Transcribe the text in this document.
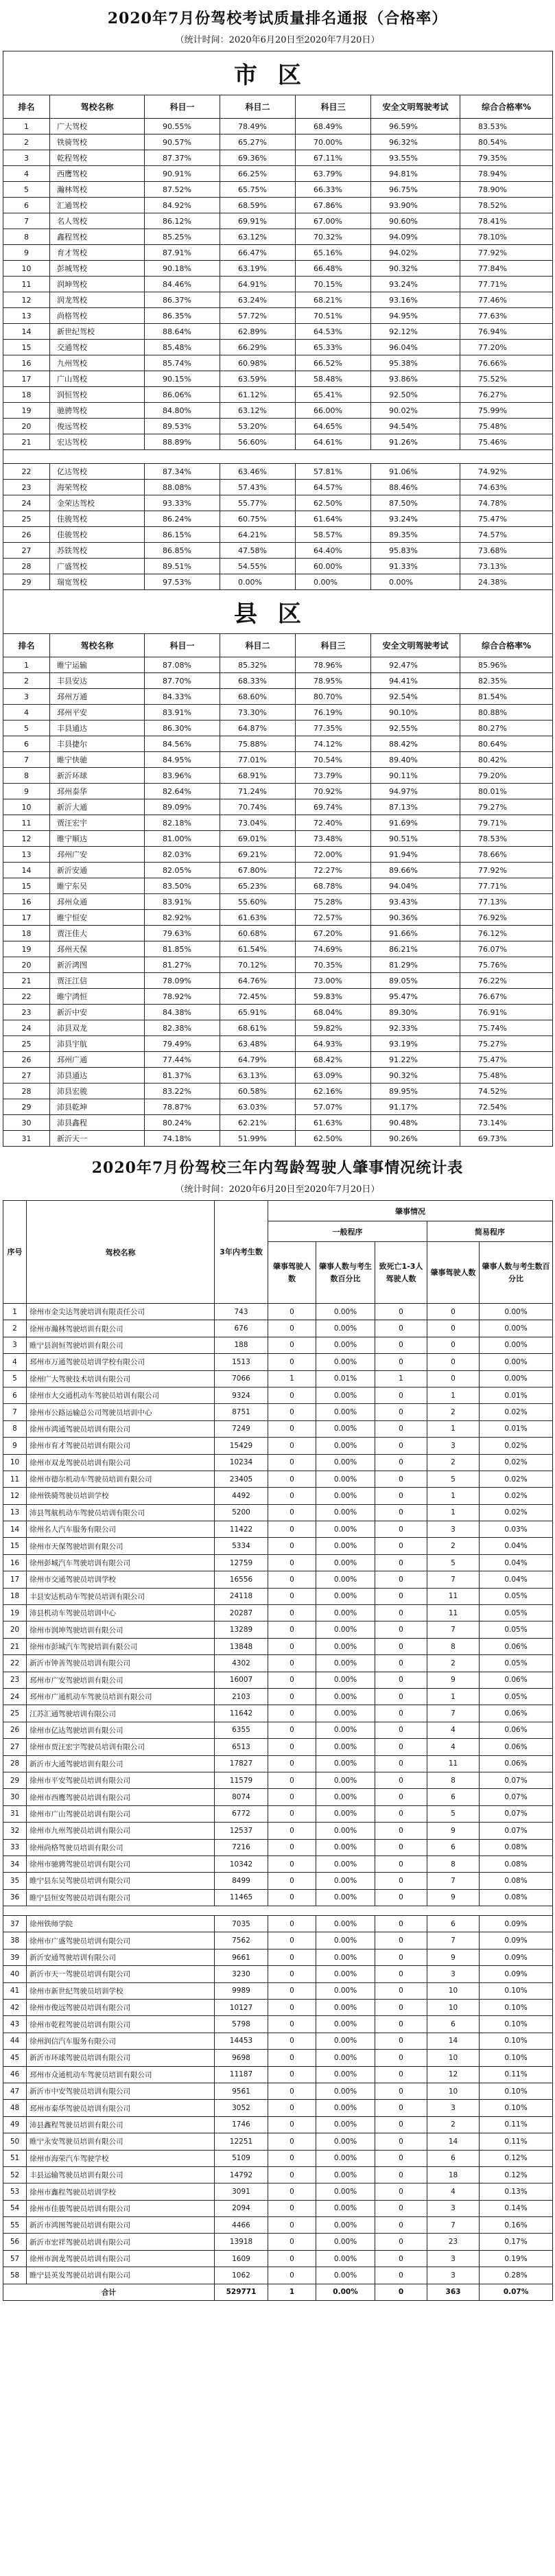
2020年7月份驾校考试质量排名通报（合格率）
（统计时间：2020年6月20日至2020年7月20日）
市区						
排名	驾校名称	科目一	科目二	科目三	安全文明驾驶考试	综合合格率%
1	广大驾校	90.55%	78.49%	68.49%	96.59%	83.53%
2	铁骑驾校	90.57%	65.27%	70.00%	96.32%	80.54%
3	乾程驾校	87.37%	69.36%	67.11%	93.55%	79.35%
4	西鹰驾校	90.91%	66.25%	63.79%	94.81%	78.94%
5	瀚林驾校	87.52%	65.75%	66.33%	96.75%	78.90%
6	汇通驾校	84.92%	68.59%	67.86%	93.90%	78.52%
7	名人驾校	86.12%	69.91%	67.00%	90.60%	78.41%
8	鑫程驾校	85.25%	63.12%	70.32%	94.09%	78.10%
9	育才驾校	87.91%	66.47%	65.16%	94.02%	77.92%
10	彭城驾校	90.18%	63.19%	66.48%	90.32%	77.84%
11	润坤驾校	84.46%	64.91%	70.15%	93.24%	77.71%
12	润龙驾校	86.37%	63.24%	68.21%	93.16%	77.46%
13	尚格驾校	86.35%	57.72%	70.51%	94.95%	77.63%
14	新世纪驾校	88.64%	62.89%	64.53%	92.12%	76.94%
15	交通驾校	85.48%	66.29%	65.33%	96.04%	77.20%
16	九州驾校	85.74%	60.98%	66.52%	95.38%	76.66%
17	广山驾校	90.15%	63.59%	58.48%	93.86%	75.52%
18	润恒驾校	86.06%	61.12%	65.41%	92.50%	76.27%
19	驰骋驾校	84.80%	63.12%	66.00%	90.02%	75.99%
20	俊远驾校	89.53%	53.20%	64.65%	94.54%	75.48%
21	宏达驾校	88.89%	56.60%	64.61%	91.26%	75.46%

22	亿达驾校	87.34%	63.46%	57.81%	91.06%	74.92%
23	海荣驾校	88.08%	57.43%	64.57%	88.46%	74.63%
24	金荣达驾校	93.33%	55.77%	62.50%	87.50%	74.78%
25	佳骏驾校	86.24%	60.75%	61.64%	93.24%	75.47%
26	佳骏驾校	86.15%	64.21%	58.57%	89.35%	74.57%
27	苏铁驾校	86.85%	47.58%	64.40%	95.83%	73.68%
28	广盛驾校	89.51%	54.55%	60.00%	91.33%	73.13%
29	瑞宽驾校	97.53%	0.00%	0.00%	0.00%	24.38%
县区						
排名	驾校名称	科目一	科目二	科目三	安全文明驾驶考试	综合合格率%
1	睢宁运输	87.08%	85.32%	78.96%	92.47%	85.96%
2	丰县安达	87.70%	68.33%	78.95%	94.41%	82.35%
3	邳州万通	84.33%	68.60%	80.70%	92.54%	81.54%
4	邳州平安	83.91%	73.30%	76.19%	90.10%	80.88%
5	丰县通达	86.30%	64.87%	77.35%	92.55%	80.27%
6	丰县捷尔	84.56%	75.88%	74.12%	88.42%	80.64%
7	睢宁快驰	84.95%	77.01%	70.54%	89.40%	80.42%
8	新沂环球	83.96%	68.91%	73.79%	90.11%	79.20%
9	邳州泰华	82.64%	71.24%	70.92%	94.97%	80.01%
10	新沂大通	89.09%	70.74%	69.74%	87.13%	79.27%
11	贾汪宏宇	82.18%	73.04%	72.40%	91.69%	79.71%
12	睢宁顺达	81.00%	69.01%	73.48%	90.51%	78.53%
13	邳州广安	82.03%	69.21%	72.00%	91.94%	78.66%
14	新沂安通	82.05%	67.80%	72.27%	89.66%	77.92%
15	睢宁东吴	83.50%	65.23%	68.78%	94.04%	77.71%
16	邳州众通	83.91%	55.60%	75.28%	93.43%	77.13%
17	睢宁恒安	82.92%	61.63%	72.57%	90.36%	76.92%
18	贾汪佳大	79.63%	60.68%	67.20%	91.66%	76.12%
19	邳州天保	81.85%	61.54%	74.69%	86.21%	76.07%
20	新沂鸿图	81.27%	70.12%	70.35%	81.29%	75.76%
21	贾汪江信	78.09%	64.76%	73.00%	89.05%	76.22%
22	睢宁鸿恒	78.92%	72.45%	59.83%	95.47%	76.67%
23	新沂中安	84.38%	65.91%	68.04%	89.30%	76.91%
24	沛县双龙	82.38%	68.61%	59.82%	92.33%	75.74%
25	沛县宇航	79.49%	63.48%	64.93%	93.19%	75.27%
26	邳州广通	77.44%	64.79%	68.42%	91.22%	75.47%
27	沛县通达	81.37%	63.13%	63.09%	90.32%	75.48%
28	沛县宏骏	83.22%	60.58%	62.16%	89.95%	74.52%
29	沛县乾坤	78.87%	63.03%	57.07%	91.17%	72.54%
30	沛县鑫程	80.24%	62.21%	61.63%	90.48%	73.14%
31	新沂天一	74.18%	51.99%	62.50%	90.26%	69.73%
2020年7月份驾校三年内驾龄驾驶人肇事情况统计表
（统计时间：2020年6月20日至2020年7月20日）
序号	驾校名称	3年内考生数	肇事情况				
			一般程序			简易程序	
			肇事驾驶人数	肇事人数与考生数百分比	致死亡1-3人驾驶人数	肇事驾驶人数	肇事人数与考生数百分比
1	徐州市金尖达驾驶培训有限责任公司	743	0	0.00%	0	0	0.00%
2	徐州市瀚林驾驶培训有限公司	676	0	0.00%	0	0	0.00%
3	睢宁县润恒驾驶培训有限公司	188	0	0.00%	0	0	0.00%
4	邳州市万通驾驶员培训学校有限公司	1513	0	0.00%	0	0	0.00%
5	徐州广大驾驶技术培训有限公司	7066	1	0.01%	1	0	0.00%
6	徐州市大交通机动车驾驶员培训有限公司	9324	0	0.00%	0	1	0.01%
7	徐州市公路运输总公司驾驶员培训中心	8751	0	0.00%	0	2	0.02%
8	徐州市鸿通驾驶员培训有限公司	7249	0	0.00%	0	1	0.01%
9	徐州市育才驾驶员培训有限公司	15429	0	0.00%	0	3	0.02%
10	徐州市双龙驾驶员培训有限公司	10234	0	0.00%	0	2	0.02%
11	徐州市德尔机动车驾驶员培训有限公司	23405	0	0.00%	0	5	0.02%
12	徐州铁骑驾驶员培训学校	4492	0	0.00%	0	1	0.02%
13	沛县驾航机动车驾驶员培训有限公司	5200	0	0.00%	0	1	0.02%
14	徐州名人汽车服务有限公司	11422	0	0.00%	0	3	0.03%
15	徐州市天保驾驶培训有限公司	5334	0	0.00%	0	2	0.04%
16	徐州彭城汽车驾驶培训有限公司	12759	0	0.00%	0	5	0.04%
17	徐州市交通驾驶员培训学校	16556	0	0.00%	0	7	0.04%
18	丰县安达机动车驾驶员培训有限公司	24118	0	0.00%	0	11	0.05%
19	沛县机动车驾驶员培训中心	20287	0	0.00%	0	11	0.05%
20	徐州市润坤驾驶培训有限公司	13289	0	0.00%	0	7	0.05%
21	徐州市彭城汽车驾驶培训有限公司	13848	0	0.00%	0	8	0.06%
22	新沂市钟善驾驶员培训有限公司	4302	0	0.00%	0	2	0.05%
23	邳州市广安驾驶培训有限公司	16007	0	0.00%	0	9	0.06%
24	邳州市广通机动车驾驶员培训有限公司	2103	0	0.00%	0	1	0.05%
25	江苏汇通驾驶培训有限公司	11642	0	0.00%	0	7	0.06%
26	徐州市亿达驾驶培训有限公司	6355	0	0.00%	0	4	0.06%
27	徐州市贾汪宏宇驾驶员培训有限公司	6513	0	0.00%	0	4	0.06%
28	新沂市大通驾驶培训有限公司	17827	0	0.00%	0	11	0.06%
29	徐州市平安驾驶员培训有限公司	11579	0	0.00%	0	8	0.07%
30	徐州市西鹰驾驶员培训有限公司	8074	0	0.00%	0	6	0.07%
31	徐州市广山驾驶员培训有限公司	6772	0	0.00%	0	5	0.07%
32	徐州市九州驾驶员培训有限公司	12537	0	0.00%	0	9	0.07%
33	徐州尚格驾驶员培训有限公司	7216	0	0.00%	0	6	0.08%
34	徐州市驰骋驾驶员培训有限公司	10342	0	0.00%	0	8	0.08%
35	睢宁县东吴驾驶员培训有限公司	8499	0	0.00%	0	7	0.08%
36	睢宁县恒安驾驶员培训有限公司	11465	0	0.00%	0	9	0.08%

37	徐州铁师学院	7035	0	0.00%	0	6	0.09%
38	徐州市广盛驾驶员培训有限公司	7562	0	0.00%	0	7	0.09%
39	新沂安通驾驶培训有限公司	9661	0	0.00%	0	9	0.09%
40	新沂市天一驾驶员培训有限公司	3230	0	0.00%	0	3	0.09%
41	徐州市新世纪驾驶员培训学校	9989	0	0.00%	0	10	0.10%
42	徐州市俊远驾驶员培训有限公司	10127	0	0.00%	0	10	0.10%
43	徐州市乾程驾驶员培训有限公司	5798	0	0.00%	0	6	0.10%
44	徐州润信汽车服务有限公司	14453	0	0.00%	0	14	0.10%
45	新沂市环球驾驶员培训有限公司	9698	0	0.00%	0	10	0.10%
46	邳州市众通机动车驾驶员培训有限公司	11187	0	0.00%	0	12	0.11%
47	新沂市中安驾驶员培训有限公司	9561	0	0.00%	0	10	0.10%
48	邳州市泰华驾驶员培训有限公司	3052	0	0.00%	0	3	0.10%
49	沛县鑫程驾驶员培训有限公司	1746	0	0.00%	0	2	0.11%
50	睢宁永安驾驶员培训有限公司	12251	0	0.00%	0	14	0.11%
51	徐州市海荣汽车驾驶学校	5109	0	0.00%	0	6	0.12%
52	丰县运输驾驶员培训有限公司	14792	0	0.00%	0	18	0.12%
53	徐州市鑫程驾驶员培训学校	3091	0	0.00%	0	4	0.13%
54	徐州市佳骏驾驶员培训有限公司	2094	0	0.00%	0	3	0.14%
55	新沂市鸿图驾驶员培训有限公司	4466	0	0.00%	0	7	0.16%
56	新沂市宏祥驾驶员培训有限公司	13918	0	0.00%	0	23	0.17%
57	徐州市润龙驾驶员培训有限公司	1609	0	0.00%	0	3	0.19%
58	睢宁县英发驾驶员培训有限公司	1062	0	0.00%	0	3	0.28%
合计		529771	1	0.00%	0	363	0.07%
